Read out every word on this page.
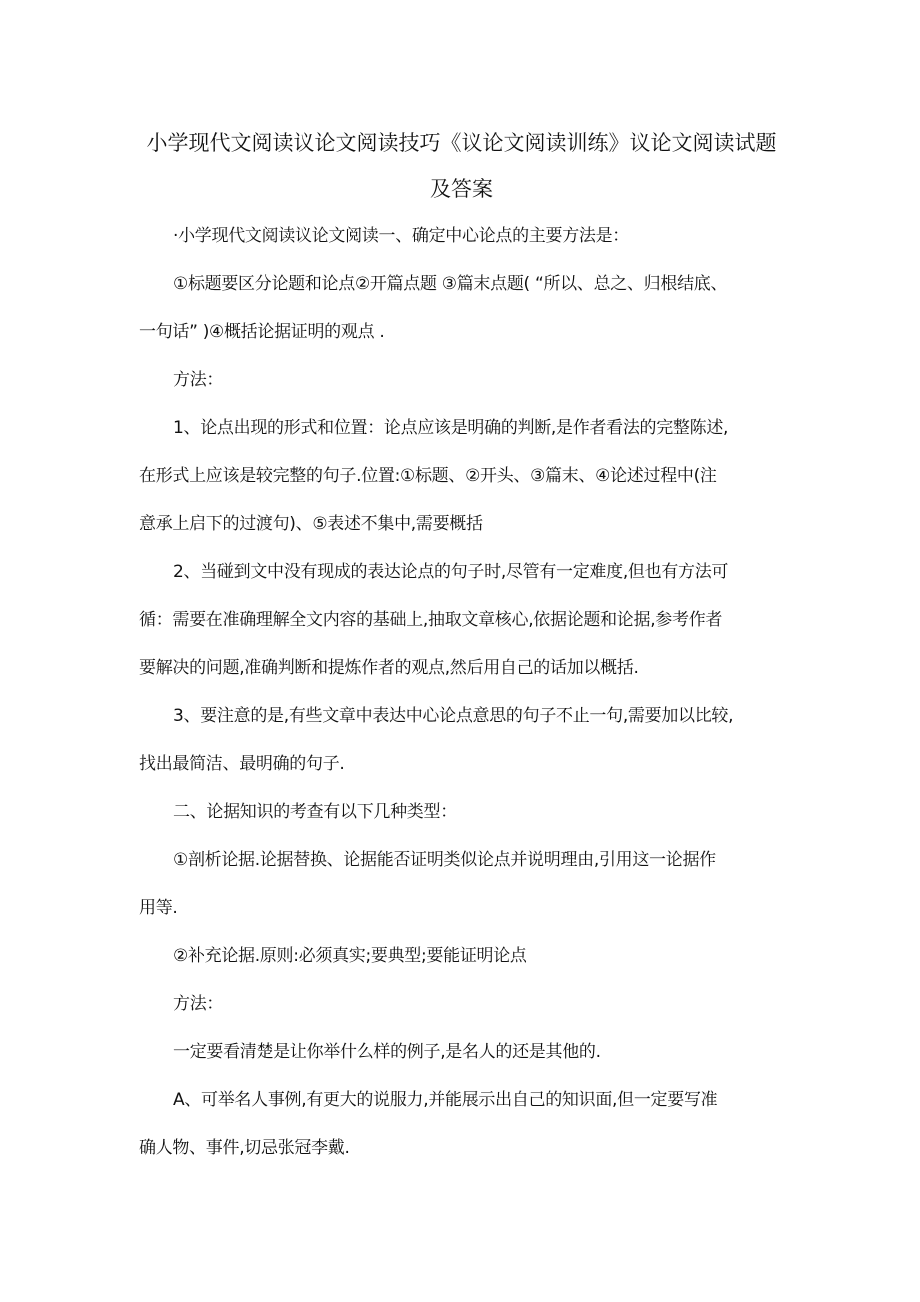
小学现代文阅读议论文阅读技巧《议论文阅读训练》议论文阅读试题
及答案
·小学现代文阅读议论文阅读一、确定中心论点的主要方法是：
①标题要区分论题和论点②开篇点题 ③篇末点题( “所以、总之、归根结底、
一句话” )④概括论据证明的观点 .
方法：
1、论点出现的形式和位置：论点应该是明确的判断,是作者看法的完整陈述,
在形式上应该是较完整的句子.位置:①标题、②开头、③篇末、④论述过程中(注
意承上启下的过渡句)、⑤表述不集中,需要概括
2、当碰到文中没有现成的表达论点的句子时,尽管有一定难度,但也有方法可
循：需要在准确理解全文内容的基础上,抽取文章核心,依据论题和论据,参考作者
要解决的问题,准确判断和提炼作者的观点,然后用自己的话加以概括.
3、要注意的是,有些文章中表达中心论点意思的句子不止一句,需要加以比较,
找出最简洁、最明确的句子.
二、论据知识的考查有以下几种类型：
①剖析论据.论据替换、论据能否证明类似论点并说明理由,引用这一论据作
用等.
②补充论据.原则:必须真实;要典型;要能证明论点
方法：
一定要看清楚是让你举什么样的例子,是名人的还是其他的.
A、可举名人事例,有更大的说服力,并能展示出自己的知识面,但一定要写准
确人物、事件,切忌张冠李戴.
